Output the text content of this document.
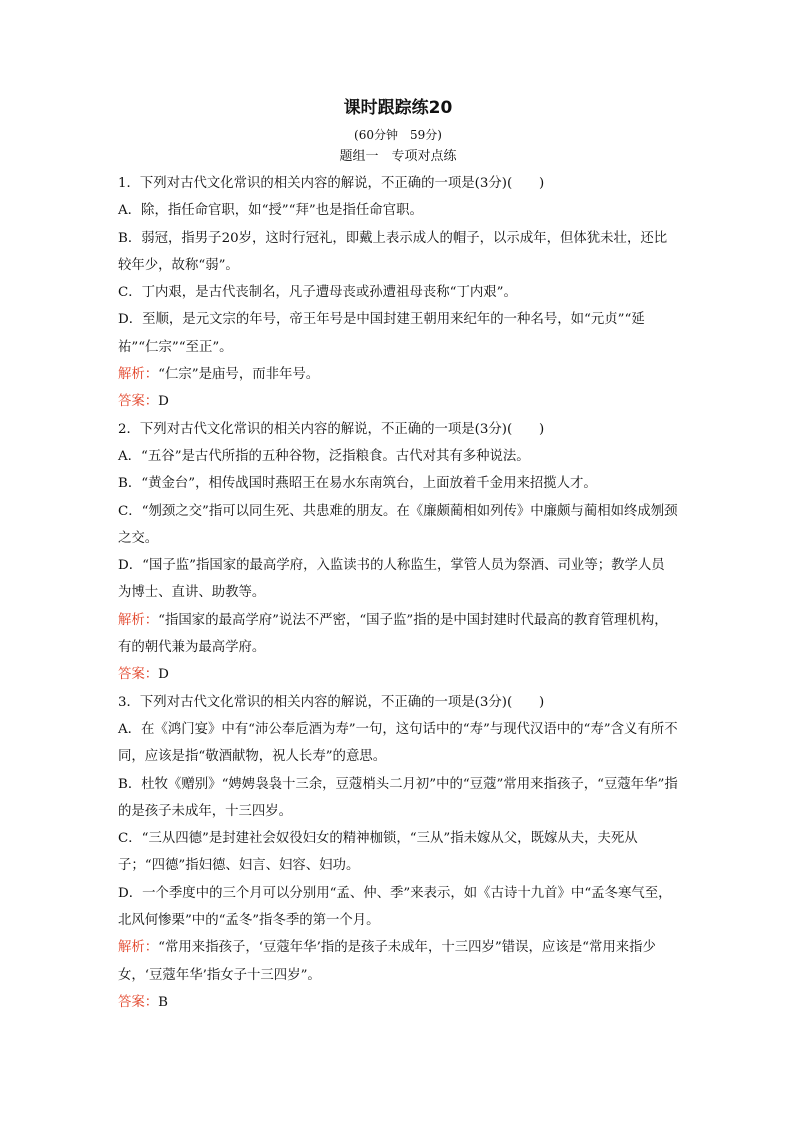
课时跟踪练20

(60分钟　59分)

题组一　专项对点练

1．下列对古代文化常识的相关内容的解说，不正确的一项是(3分)(　　)

A．除，指任命官职，如“授”“拜”也是指任命官职。

B．弱冠，指男子20岁，这时行冠礼，即戴上表示成人的帽子，以示成年，但体犹未壮，还比较年少，故称“弱”。

C．丁内艰，是古代丧制名，凡子遭母丧或孙遭祖母丧称“丁内艰”。

D．至顺，是元文宗的年号，帝王年号是中国封建王朝用来纪年的一种名号，如“元贞”“延祐”“仁宗”“至正”。

解析：“仁宗”是庙号，而非年号。

答案：D

2．下列对古代文化常识的相关内容的解说，不正确的一项是(3分)(　　)

A．“五谷”是古代所指的五种谷物，泛指粮食。古代对其有多种说法。

B．“黄金台”，相传战国时燕昭王在易水东南筑台，上面放着千金用来招揽人才。

C．“刎颈之交”指可以同生死、共患难的朋友。在《廉颇蔺相如列传》中廉颇与蔺相如终成刎颈之交。

D．“国子监”指国家的最高学府，入监读书的人称监生，掌管人员为祭酒、司业等；教学人员为博士、直讲、助教等。

解析：“指国家的最高学府”说法不严密，“国子监”指的是中国封建时代最高的教育管理机构，有的朝代兼为最高学府。

答案：D

3．下列对古代文化常识的相关内容的解说，不正确的一项是(3分)(　　)

A．在《鸿门宴》中有“沛公奉卮酒为寿”一句，这句话中的“寿”与现代汉语中的“寿”含义有所不同，应该是指“敬酒献物，祝人长寿”的意思。

B．杜牧《赠别》“娉娉袅袅十三余，豆蔻梢头二月初”中的“豆蔻”常用来指孩子，“豆蔻年华”指的是孩子未成年，十三四岁。

C．“三从四德”是封建社会奴役妇女的精神枷锁，“三从”指未嫁从父，既嫁从夫，夫死从子；“四德”指妇德、妇言、妇容、妇功。

D．一个季度中的三个月可以分别用“孟、仲、季”来表示，如《古诗十九首》中“孟冬寒气至，北风何惨栗”中的“孟冬”指冬季的第一个月。

解析：“常用来指孩子，‘豆蔻年华’指的是孩子未成年，十三四岁”错误，应该是“常用来指少女，‘豆蔻年华’指女子十三四岁”。

答案：B
